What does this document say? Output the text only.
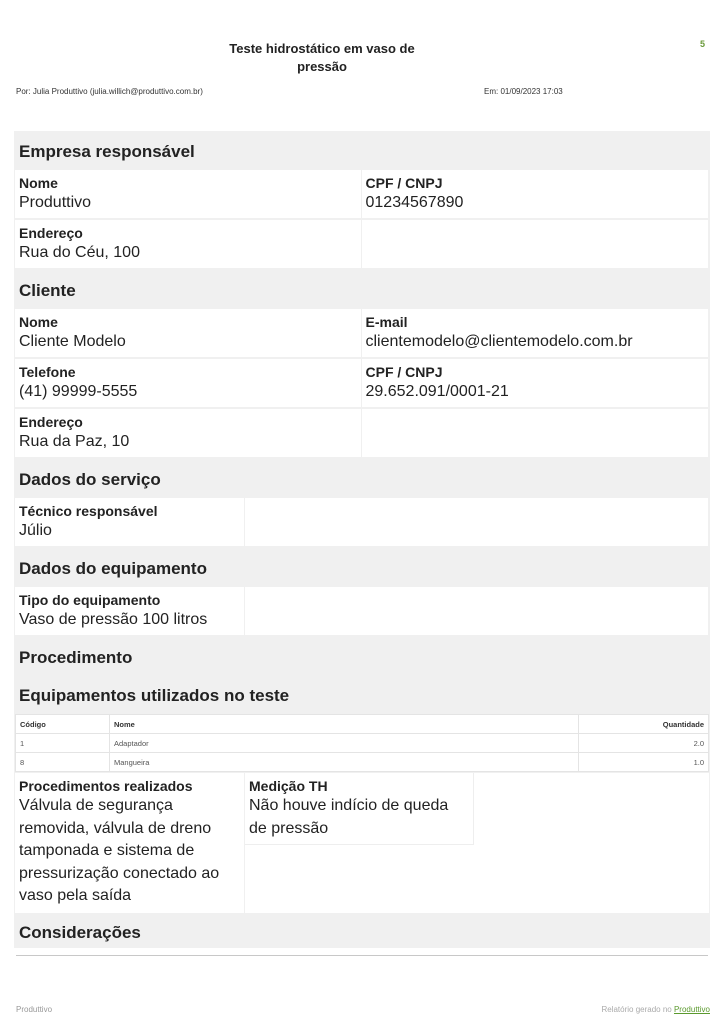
5
Teste hidrostático em vaso de pressão
Por: Julia Produttivo (julia.willich@produttivo.com.br)	Em: 01/09/2023 17:03
Empresa responsável
Nome
Produttivo
CPF / CNPJ
01234567890
Endereço
Rua do Céu, 100
Cliente
Nome
Cliente Modelo
E-mail
clientemodelo@clientemodelo.com.br
Telefone
(41) 99999-5555
CPF / CNPJ
29.652.091/0001-21
Endereço
Rua da Paz, 10
Dados do serviço
Técnico responsável
Júlio
Dados do equipamento
Tipo do equipamento
Vaso de pressão 100 litros
Procedimento
Equipamentos utilizados no teste
Código	Nome	Quantidade
1	Adaptador	2.0
8	Mangueira	1.0
Procedimentos realizados
Válvula de segurança removida, válvula de dreno tamponada e sistema de pressurização conectado ao vaso pela saída
Medição TH
Não houve indício de queda de pressão
Considerações
Produttivo	Relatório gerado no Produttivo
